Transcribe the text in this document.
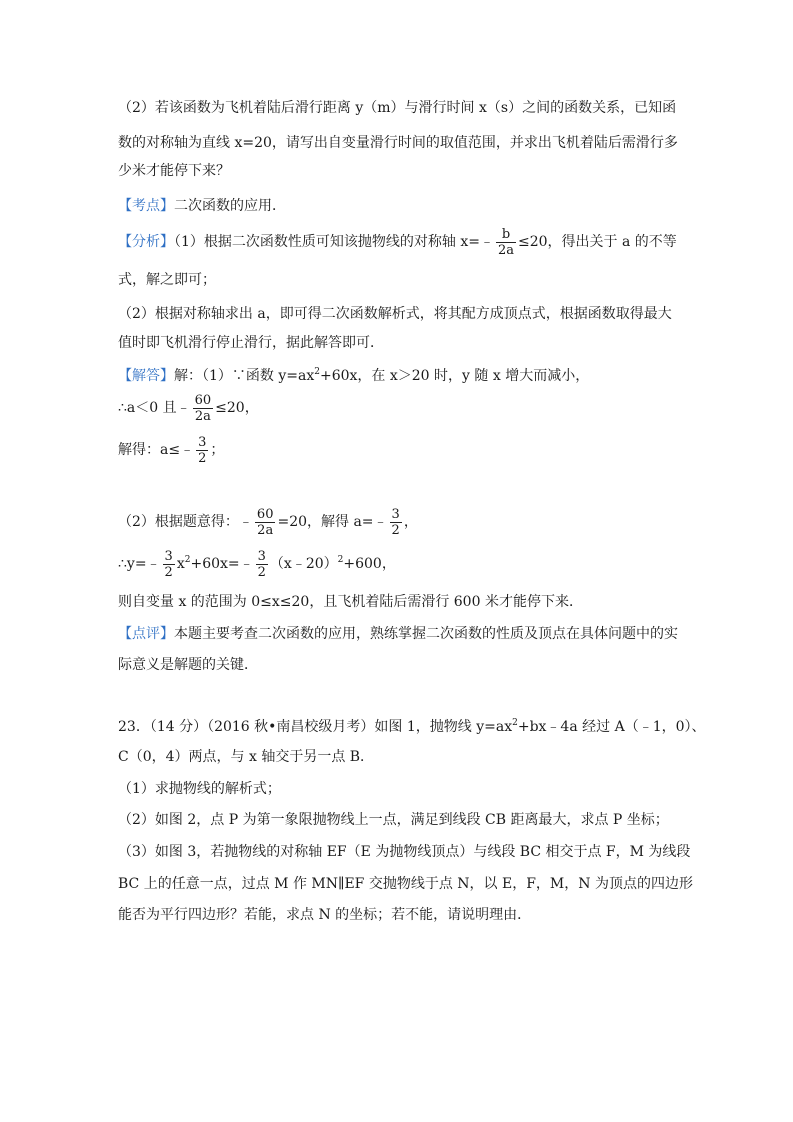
（2）若该函数为飞机着陆后滑行距离 y（m）与滑行时间 x（s）之间的函数关系，已知函
数的对称轴为直线 x=20，请写出自变量滑行时间的取值范围，并求出飞机着陆后需滑行多
少米才能停下来？
【考点】二次函数的应用．
【分析】（1）根据二次函数性质可知该抛物线的对称轴 x=﹣ $\frac{b}{2a} \le 20$，得出关于 a 的不等
式，解之即可；
（2）根据对称轴求出 a，即可得二次函数解析式，将其配方成顶点式，根据函数取得最大
值时即飞机滑行停止滑行，据此解答即可．
【解答】解：（1）∵函数 $y=ax^2+60x$，在 x＞20 时，y 随 x 增大而减小，
∴a＜0 且﹣ $\frac{60}{2a} \le 20$，
解得：a≤﹣ $\frac{3}{2}$ ；
（2）根据题意得：﹣ $\frac{60}{2a} =20$，解得 a=﹣ $\frac{3}{2}$ ，
∴y=﹣ $\frac{3}{2}$ $x^2+60x=﹣ \frac{3}{2}$ （x﹣20）$^2$+600，
则自变量 x 的范围为 0≤x≤20，且飞机着陆后需滑行 600 米才能停下来．
【点评】本题主要考查二次函数的应用，熟练掌握二次函数的性质及顶点在具体问题中的实
际意义是解题的关键．
23．（14 分）（2016 秋•南昌校级月考）如图 1，抛物线 $y=ax^2+bx﹣4a$ 经过 A（﹣1，0）、
C（0，4）两点，与 x 轴交于另一点 B．
（1）求抛物线的解析式；
（2）如图 2，点 P 为第一象限抛物线上一点，满足到线段 CB 距离最大，求点 P 坐标；
（3）如图 3，若抛物线的对称轴 EF（E 为抛物线顶点）与线段 BC 相交于点 F，M 为线段
BC 上的任意一点，过点 M 作 MN∥EF 交抛物线于点 N，以 E，F，M，N 为顶点的四边形
能否为平行四边形？若能，求点 N 的坐标；若不能，请说明理由．
